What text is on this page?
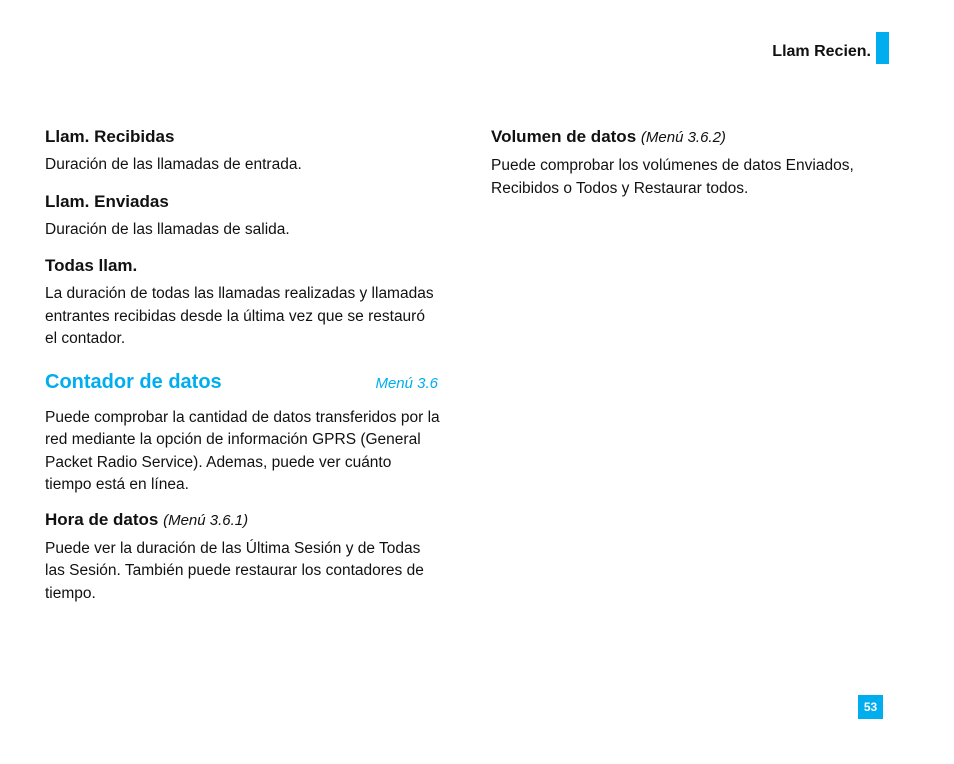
Llam Recien.
Llam. Recibidas

Duración de las llamadas de entrada.

Llam. Enviadas

Duración de las llamadas de salida.

Todas llam.

La duración de todas las llamadas realizadas y llamadas entrantes recibidas desde la última vez que se restauró el contador.

Contador de datos	Menú 3.6

Puede comprobar la cantidad de datos transferidos por la red mediante la opción de información GPRS (General Packet Radio Service). Ademas, puede ver cuánto tiempo está en línea.

Hora de datos (Menú 3.6.1)

Puede ver la duración de las Última Sesión y de Todas las Sesión. También puede restaurar los contadores de tiempo.

Volumen de datos (Menú 3.6.2)

Puede comprobar los volúmenes de datos Enviados, Recibidos o Todos y Restaurar todos.

53
